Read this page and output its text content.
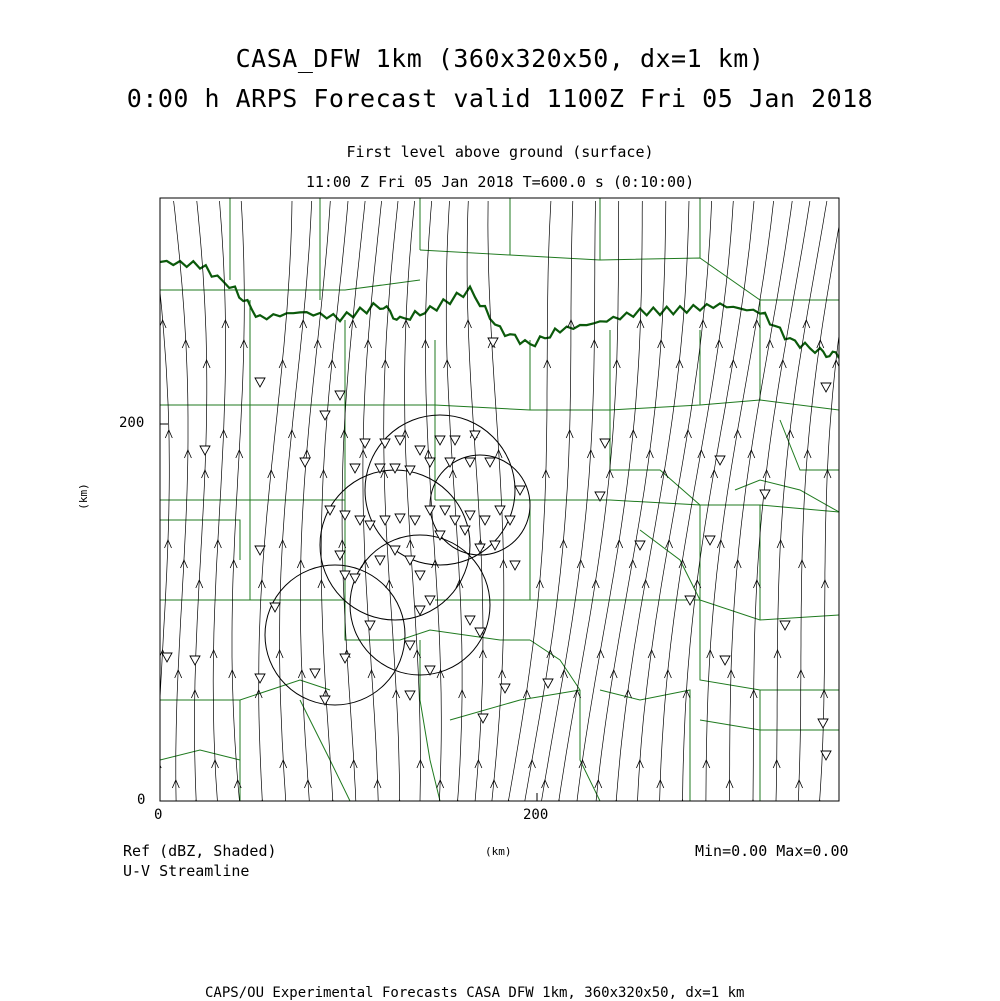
CASA_DFW 1km (360x320x50, dx=1 km)
0:00 h ARPS Forecast valid 1100Z Fri 05 Jan 2018
First level above ground (surface)
11:00 Z Fri 05 Jan 2018 T=600.0 s (0:10:00)
0
200
0	200
(km)
(km)
Ref (dBZ, Shaded)
U-V Streamline
Min=0.00 Max=0.00
CAPS/OU Experimental Forecasts CASA DFW 1km, 360x320x50, dx=1 km
